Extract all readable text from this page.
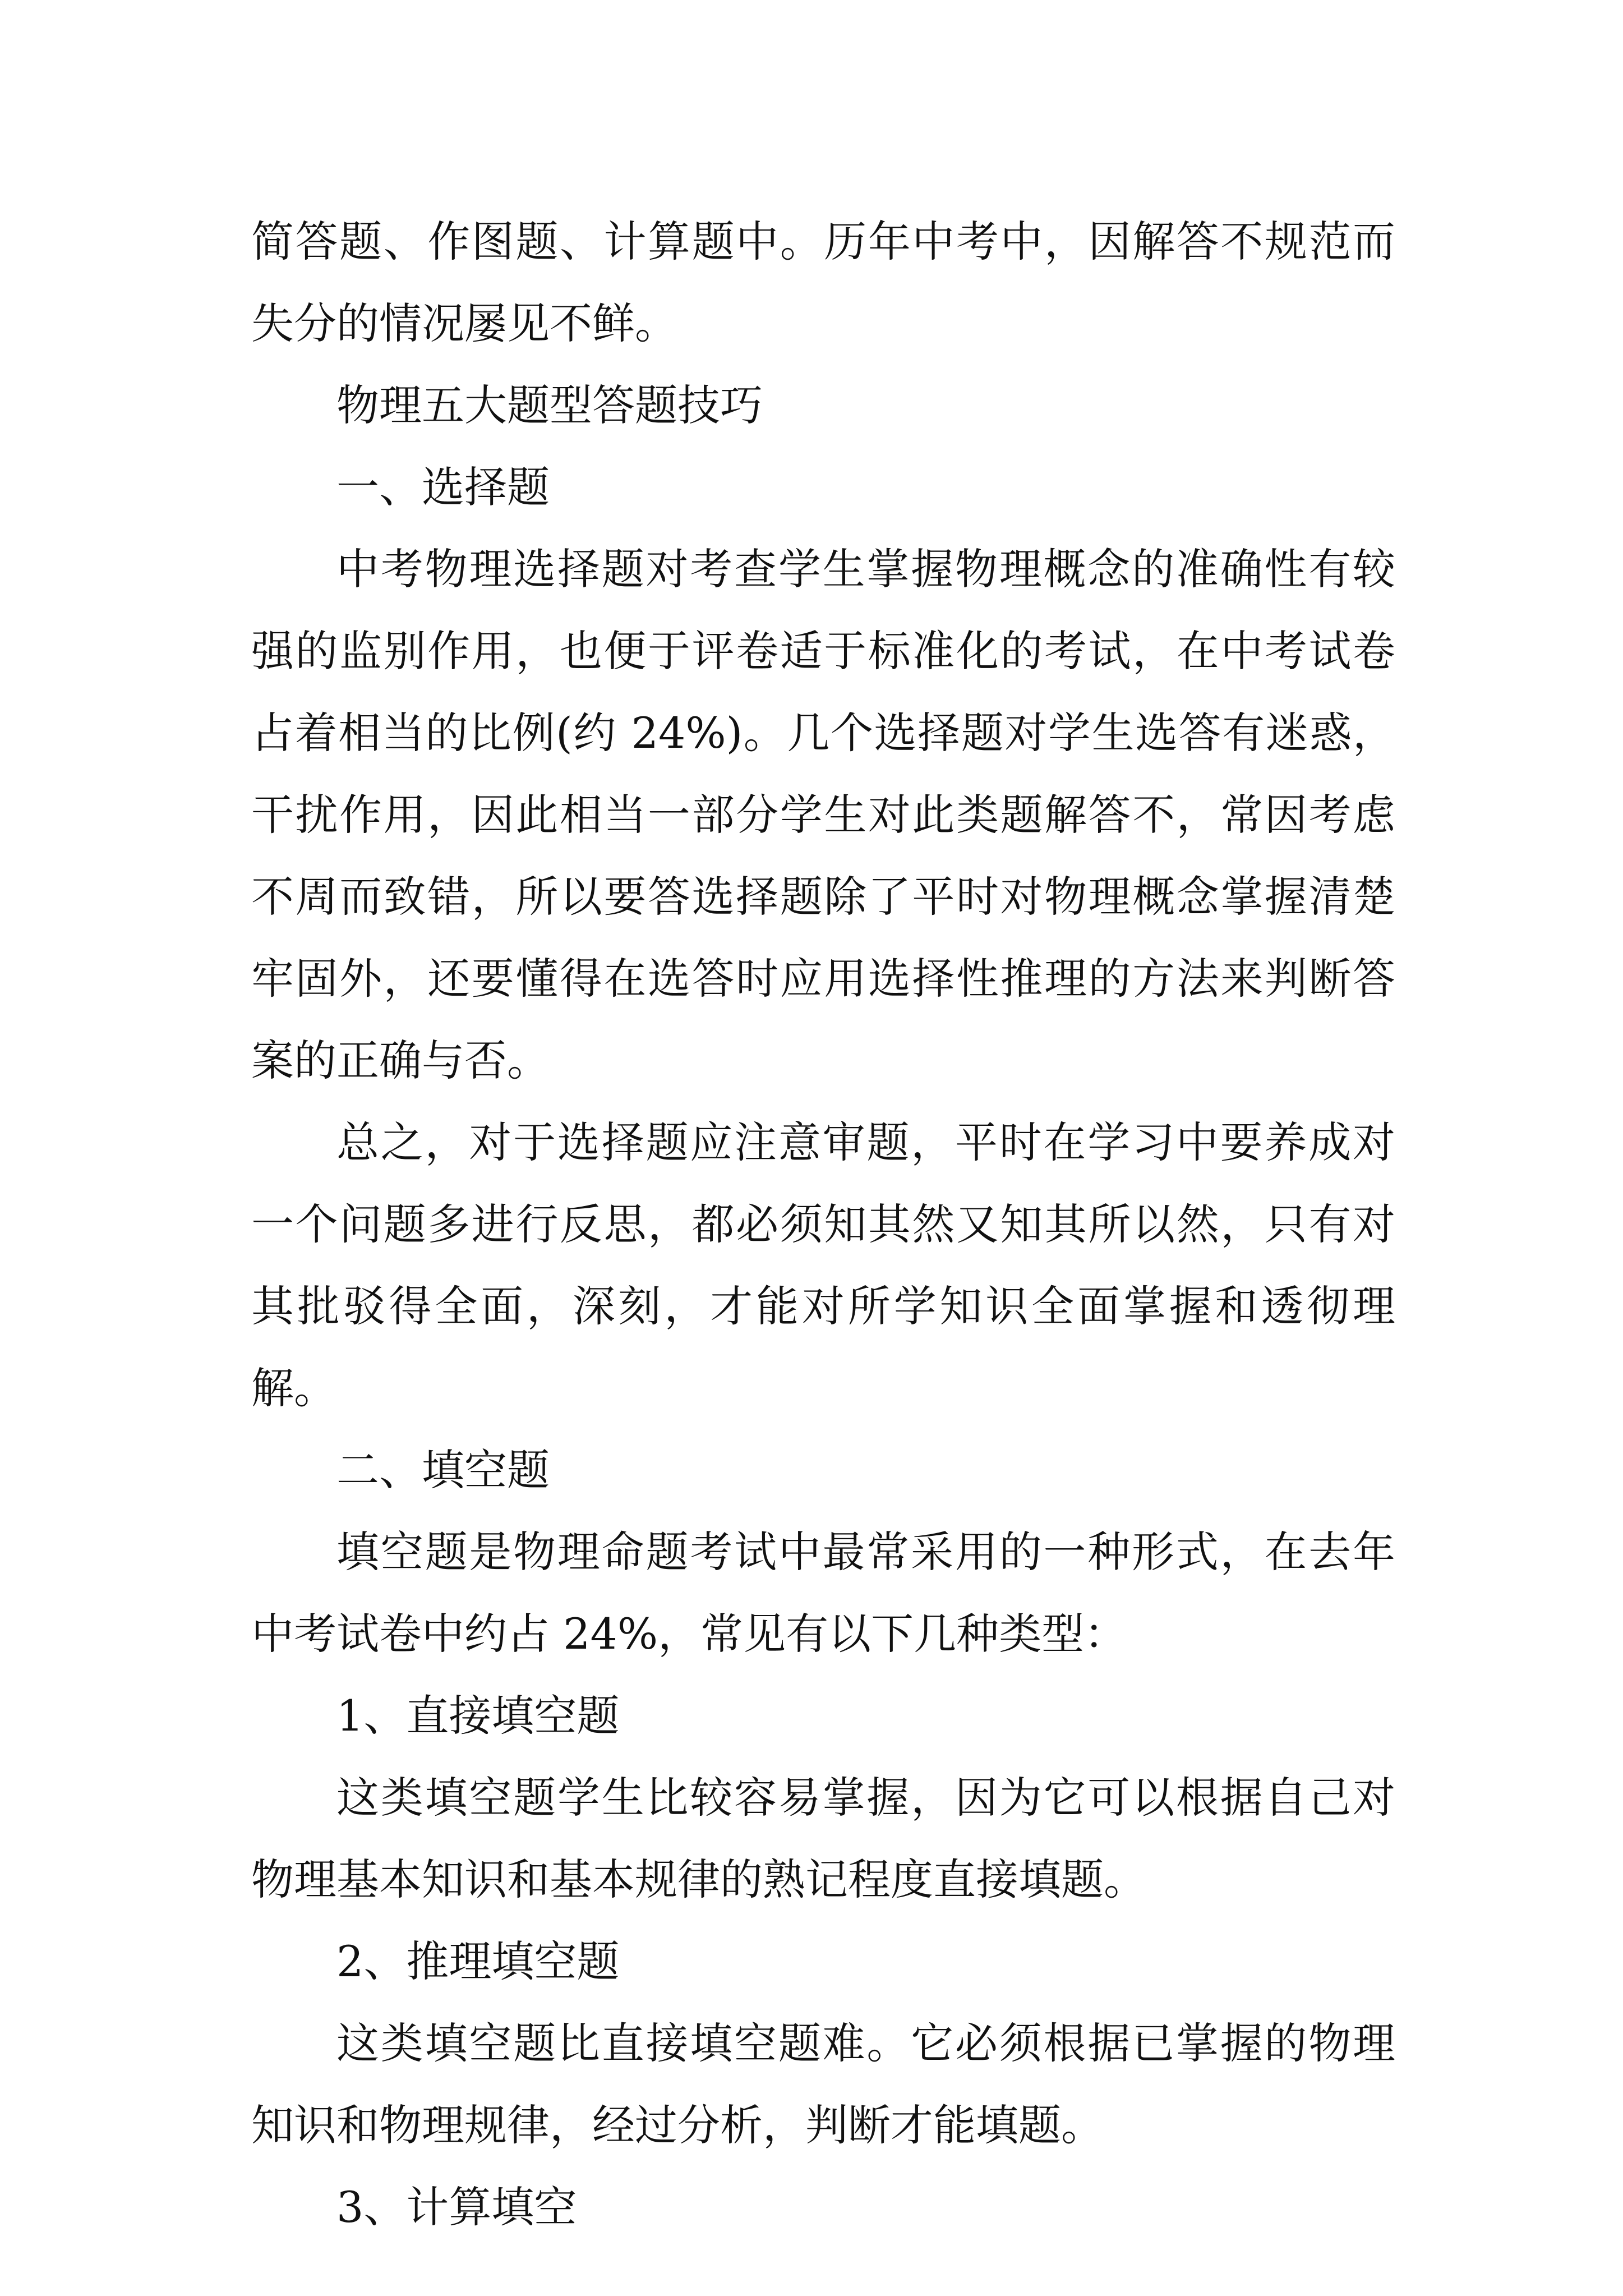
简答题、作图题、计算题中。历年中考中，因解答不规范而失分的情况屡见不鲜。

物理五大题型答题技巧

一、选择题

中考物理选择题对考查学生掌握物理概念的准确性有较强的监别作用，也便于评卷适于标准化的考试，在中考试卷占着相当的比例(约 24%)。几个选择题对学生选答有迷惑，干扰作用，因此相当一部分学生对此类题解答不，常因考虑不周而致错，所以要答选择题除了平时对物理概念掌握清楚牢固外，还要懂得在选答时应用选择性推理的方法来判断答案的正确与否。

总之，对于选择题应注意审题，平时在学习中要养成对一个问题多进行反思，都必须知其然又知其所以然，只有对其批驳得全面，深刻，才能对所学知识全面掌握和透彻理解。

二、填空题

填空题是物理命题考试中最常采用的一种形式，在去年中考试卷中约占 24%，常见有以下几种类型：

1、直接填空题

这类填空题学生比较容易掌握，因为它可以根据自己对物理基本知识和基本规律的熟记程度直接填题。

2、推理填空题

这类填空题比直接填空题难。它必须根据已掌握的物理知识和物理规律，经过分析，判断才能填题。

3、计算填空
